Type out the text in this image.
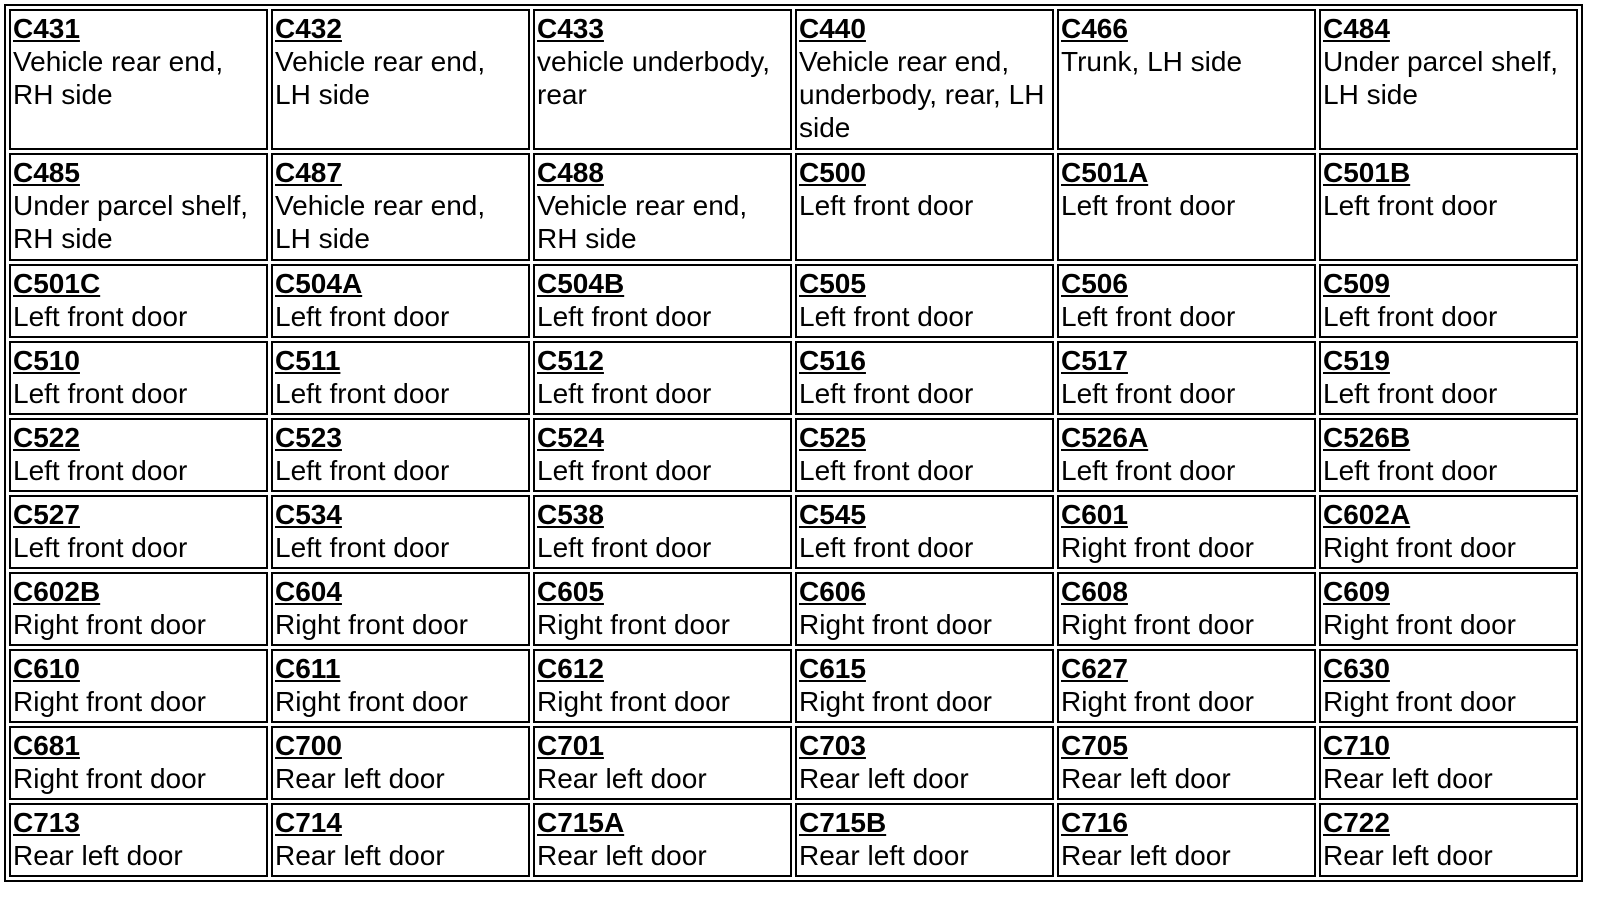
C431
Vehicle rear end, RH side	C432
Vehicle rear end, LH side	C433
vehicle underbody, rear	C440
Vehicle rear end, underbody, rear, LH side	C466
Trunk, LH side	C484
Under parcel shelf, LH side

C485
Under parcel shelf, RH side	C487
Vehicle rear end, LH side	C488
Vehicle rear end, RH side	C500
Left front door	C501A
Left front door	C501B
Left front door

C501C
Left front door	C504A
Left front door	C504B
Left front door	C505
Left front door	C506
Left front door	C509
Left front door

C510
Left front door	C511
Left front door	C512
Left front door	C516
Left front door	C517
Left front door	C519
Left front door

C522
Left front door	C523
Left front door	C524
Left front door	C525
Left front door	C526A
Left front door	C526B
Left front door

C527
Left front door	C534
Left front door	C538
Left front door	C545
Left front door	C601
Right front door	C602A
Right front door

C602B
Right front door	C604
Right front door	C605
Right front door	C606
Right front door	C608
Right front door	C609
Right front door

C610
Right front door	C611
Right front door	C612
Right front door	C615
Right front door	C627
Right front door	C630
Right front door

C681
Right front door	C700
Rear left door	C701
Rear left door	C703
Rear left door	C705
Rear left door	C710
Rear left door

C713
Rear left door	C714
Rear left door	C715A
Rear left door	C715B
Rear left door	C716
Rear left door	C722
Rear left door
